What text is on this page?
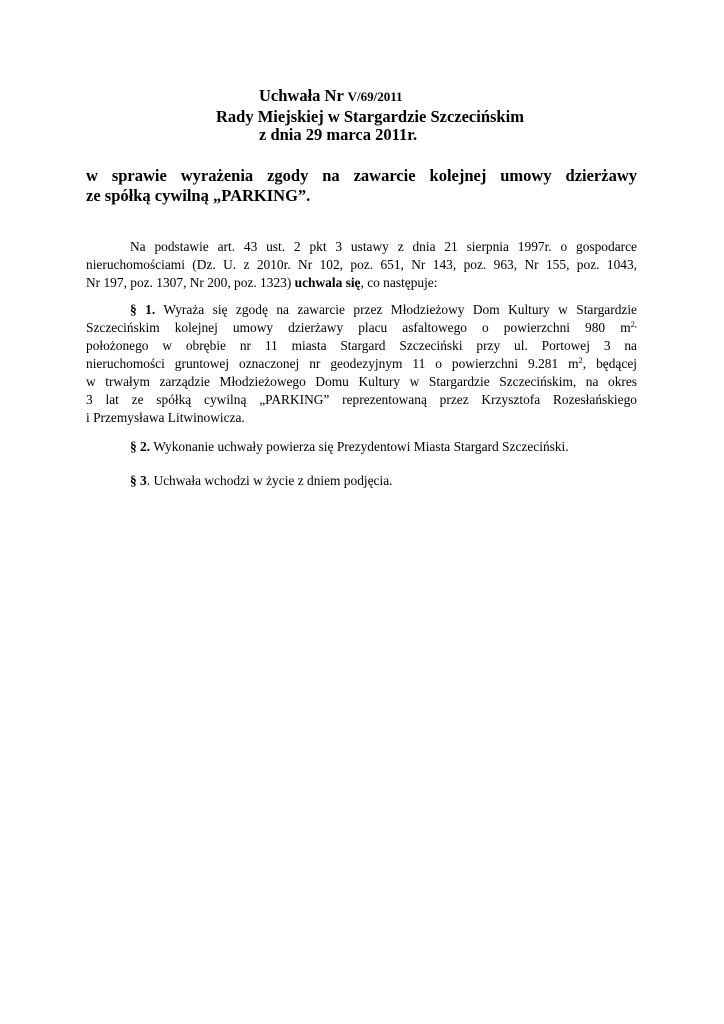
Uchwała Nr V/69/2011
Rady Miejskiej w Stargardzie Szczecińskim
z dnia 29 marca 2011r.
w sprawie wyrażenia zgody na zawarcie kolejnej umowy dzierżawy
ze spółką cywilną „PARKING”.
Na podstawie art. 43 ust. 2 pkt 3 ustawy z dnia 21 sierpnia 1997r. o gospodarce
nieruchomościami (Dz. U. z 2010r. Nr 102, poz. 651, Nr 143, poz. 963, Nr 155, poz. 1043,
Nr 197, poz. 1307, Nr 200, poz. 1323) uchwala się, co następuje:
§ 1. Wyraża się zgodę na zawarcie przez Młodzieżowy Dom Kultury w Stargardzie
Szczecińskim kolejnej umowy dzierżawy placu asfaltowego o powierzchni 980 $m^{2,}$
położonego w obrębie nr 11 miasta Stargard Szczeciński przy ul. Portowej 3 na
nieruchomości gruntowej oznaczonej nr geodezyjnym 11 o powierzchni 9.281 $m^2$, będącej
w trwałym zarządzie Młodzieżowego Domu Kultury w Stargardzie Szczecińskim, na okres
3 lat ze spółką cywilną „PARKING” reprezentowaną przez Krzysztofa Rozesłańskiego
i Przemysława Litwinowicza.
§ 2. Wykonanie uchwały powierza się Prezydentowi Miasta Stargard Szczeciński.
§ 3. Uchwała wchodzi w życie z dniem podjęcia.
